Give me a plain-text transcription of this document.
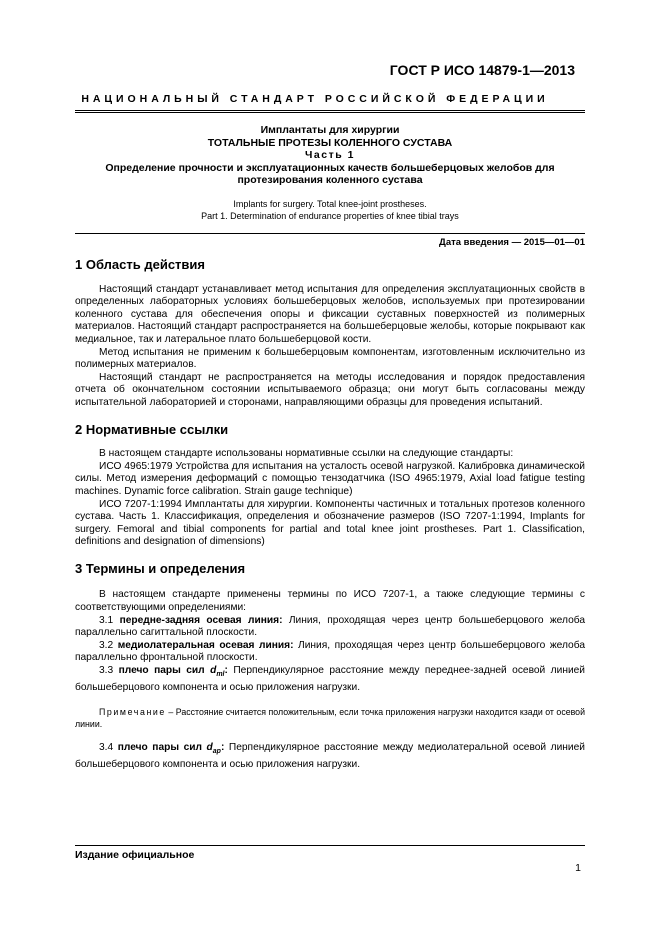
ГОСТ Р ИСО 14879-1—2013
НАЦИОНАЛЬНЫЙ СТАНДАРТ РОССИЙСКОЙ ФЕДЕРАЦИИ
Имплантаты для хирургии
ТОТАЛЬНЫЕ ПРОТЕЗЫ КОЛЕННОГО СУСТАВА
Часть 1
Определение прочности и эксплуатационных качеств большеберцовых желобов для протезирования коленного сустава
Implants for surgery. Total knee-joint prostheses.
Part 1. Determination of endurance properties of knee tibial trays
Дата введения — 2015—01—01
1 Область действия

Настоящий стандарт устанавливает метод испытания для определения эксплуатационных свойств в определенных лабораторных условиях большеберцовых желобов, используемых при протезировании коленного сустава для обеспечения опоры и фиксации суставных поверхностей из полимерных материалов. Настоящий стандарт распространяется на большеберцовые желобы, которые покрывают как медиальное, так и латеральное плато большеберцовой кости.

Метод испытания не применим к большеберцовым компонентам, изготовленным исключительно из полимерных материалов.

Настоящий стандарт не распространяется на методы исследования и порядок предоставления отчета об окончательном состоянии испытываемого образца; они могут быть согласованы между испытательной лабораторией и сторонами, направляющими образцы для проведения испытаний.

2 Нормативные ссылки

В настоящем стандарте использованы нормативные ссылки на следующие стандарты:

ИСО 4965:1979 Устройства для испытания на усталость осевой нагрузкой. Калибровка динамической силы. Метод измерения деформаций с помощью тензодатчика (ISO 4965:1979, Axial load fatigue testing machines. Dynamic force calibration. Strain gauge technique)

ИСО 7207-1:1994 Имплантаты для хирургии. Компоненты частичных и тотальных протезов коленного сустава. Часть 1. Классификация, определения и обозначение размеров (ISO 7207-1:1994, Implants for surgery. Femoral and tibial components for partial and total knee joint prostheses. Part 1. Classification, definitions and designation of dimensions)

3 Термины и определения

В настоящем стандарте применены термины по ИСО 7207-1, а также следующие термины с соответствующими определениями:

3.1 передне-задняя осевая линия: Линия, проходящая через центр большеберцового желоба параллельно сагиттальной плоскости.

3.2 медиолатеральная осевая линия: Линия, проходящая через центр большеберцового желоба параллельно фронтальной плоскости.

3.3 плечо пары сил $d_{ml}$: Перпендикулярное расстояние между переднее-задней осевой линией большеберцового компонента и осью приложения нагрузки.

Примечание – Расстояние считается положительным, если точка приложения нагрузки находится кзади от осевой линии.

3.4 плечо пары сил $d_{ap}$: Перпендикулярное расстояние между медиолатеральной осевой линией большеберцового компонента и осью приложения нагрузки.

Издание официальное
1
